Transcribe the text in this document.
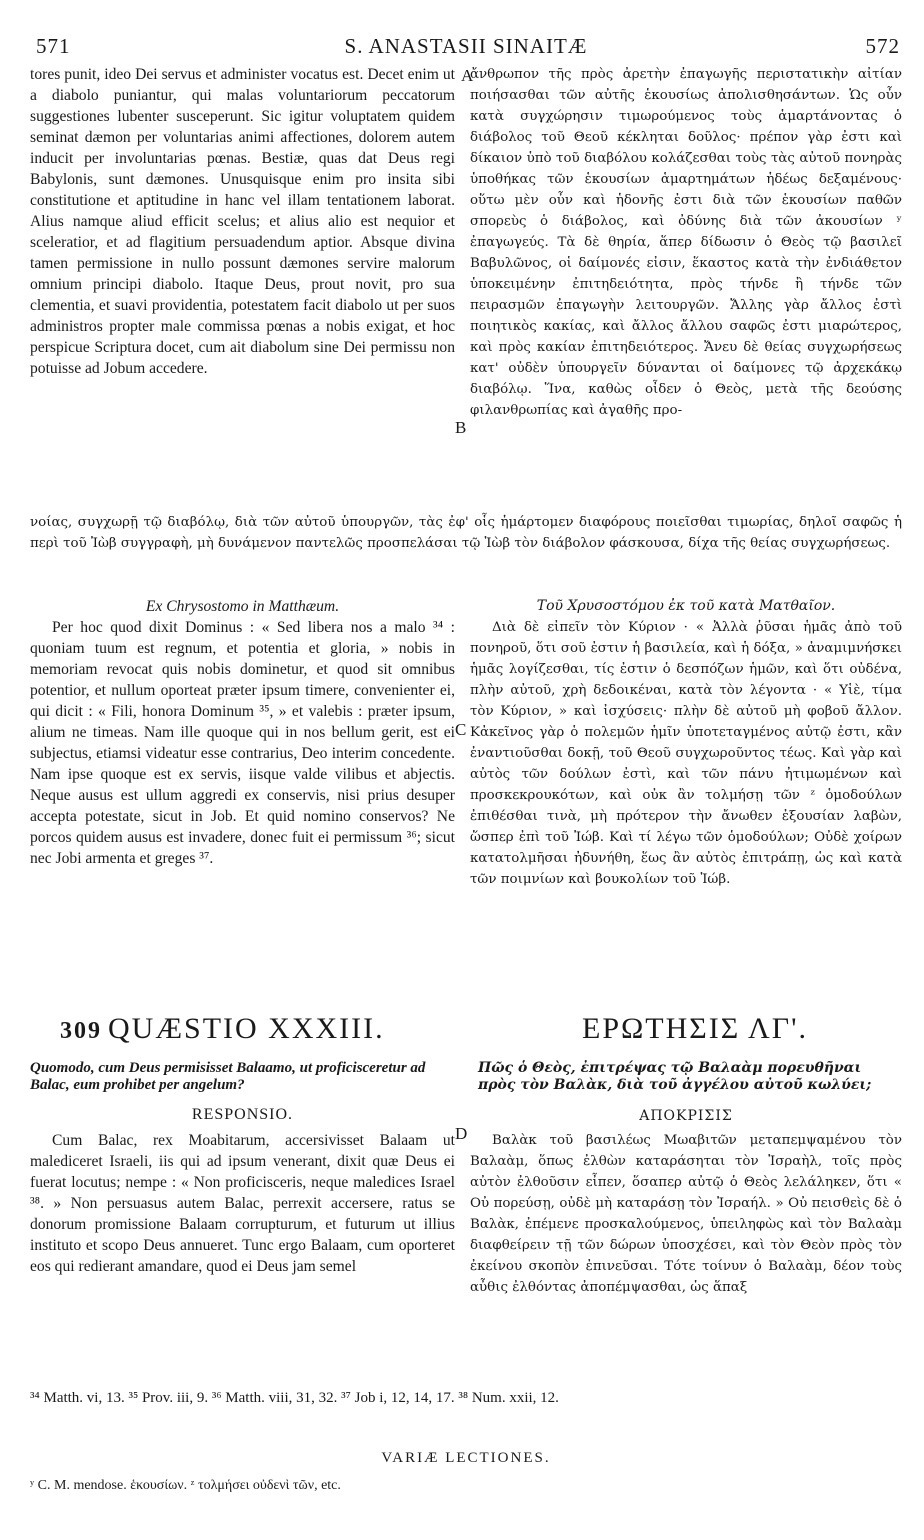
571	S. ANASTASII SINAITÆ	572

tores punit, ideo Dei servus et administer vocatus est. Decet enim ut a diabolo puniantur, qui malas voluntariorum peccatorum suggestiones lubenter susceperunt. Sic igitur voluptatem quidem seminat dæmon per voluntarias animi affectiones, dolorem autem inducit per involuntarias pœnas. Bestiæ, quas dat Deus regi Babylonis, sunt dæmones. Unusquisque enim pro insita sibi constitutione et aptitudine in hanc vel illam tentationem laborat. Alius namque aliud efficit scelus; et alius alio est nequior et sceleratior, et ad flagitium persuadendum aptior. Absque divina tamen permissione in nullo possunt dæmones servire malorum omnium principi diabolo. Itaque Deus, prout novit, pro sua clementia, et suavi providentia, potestatem facit diabolo ut per suos administros propter male commissa pœnas a nobis exigat, et hoc perspicue Scriptura docet, cum ait diabolum sine Dei permissu non potuisse ad Jobum accedere.

A

ἄνθρωπον τῆς πρὸς ἀρετὴν ἐπαγωγῆς περιστατικὴν αἰτίαν ποιήσασθαι τῶν αὐτῆς ἑκουσίως ἀπολισθησάντων. Ὡς οὖν κατὰ συγχώρησιν τιμωρούμενος τοὺς ἁμαρτάνοντας ὁ διάβολος τοῦ Θεοῦ κέκληται δοῦλος· πρέπον γὰρ ἐστι καὶ δίκαιον ὑπὸ τοῦ διαβόλου κολάζεσθαι τοὺς τὰς αὐτοῦ πονηρὰς ὑποθήκας τῶν ἑκουσίων ἁμαρτημάτων ἡδέως δεξαμένους· οὕτω μὲν οὖν καὶ ἡδονῆς ἐστι διὰ τῶν ἑκουσίων παθῶν σπορεὺς ὁ διάβολος, καὶ ὀδύνης διὰ τῶν ἀκουσίων ʸ ἐπαγωγεύς. Τὰ δὲ θηρία, ἅπερ δίδωσιν ὁ Θεὸς τῷ βασιλεῖ Βαβυλῶνος, οἱ δαίμονές εἰσιν, ἕκαστος κατὰ τὴν ἐνδιάθετον ὑποκειμένην ἐπιτηδειότητα, πρὸς τήνδε ἢ τήνδε τῶν πειρασμῶν ἐπαγωγὴν λειτουργῶν. Ἄλλης γὰρ ἄλλος ἐστὶ ποιητικὸς κακίας, καὶ ἄλλος ἄλλου σαφῶς ἐστι μιαρώτερος, καὶ πρὸς κακίαν ἐπιτηδειότερος. Ἄνευ δὲ θείας συγχωρήσεως κατ' οὐδὲν ὑπουργεῖν δύνανται οἱ δαίμονες τῷ ἀρχεκάκῳ διαβόλῳ. Ἵνα, καθὼς οἶδεν ὁ Θεὸς, μετὰ τῆς δεούσης φιλανθρωπίας καὶ ἀγαθῆς προ-

B

νοίας, συγχωρῇ τῷ διαβόλῳ, διὰ τῶν αὐτοῦ ὑπουργῶν, τὰς ἐφ' οἷς ἡμάρτομεν διαφόρους ποιεῖσθαι τιμωρίας, δηλοῖ σαφῶς ἡ περὶ τοῦ Ἰὼβ συγγραφὴ, μὴ δυνάμενον παντελῶς προσπελάσαι τῷ Ἰὼβ τὸν διάβολον φάσκουσα, δίχα τῆς θείας συγχωρήσεως.

Ex Chrysostomo in Matthæum.

Per hoc quod dixit Dominus : « Sed libera nos a malo ³⁴ : quoniam tuum est regnum, et potentia et gloria, » nobis in memoriam revocat quis nobis dominetur, et quod sit omnibus potentior, et nullum oporteat præter ipsum timere, convenienter ei, qui dicit : « Fili, honora Dominum ³⁵, » et valebis : præter ipsum, alium ne timeas. Nam ille quoque qui in nos bellum gerit, est ei subjectus, etiamsi videatur esse contrarius, Deo interim concedente. Nam ipse quoque est ex servis, iisque valde vilibus et abjectis. Neque ausus est ullum aggredi ex conservis, nisi prius desuper accepta potestate, sicut in Job. Et quid nomino conservos? Ne porcos quidem ausus est invadere, donec fuit ei permissum ³⁶; sicut nec Jobi armenta et greges ³⁷.

C

Τοῦ Χρυσοστόμου ἐκ τοῦ κατὰ Ματθαῖον.

Διὰ δὲ εἰπεῖν τὸν Κύριον · « Ἀλλὰ ῥῦσαι ἡμᾶς ἀπὸ τοῦ πονηροῦ, ὅτι σοῦ ἐστιν ἡ βασιλεία, καὶ ἡ δόξα, » ἀναμιμνήσκει ἡμᾶς λογίζεσθαι, τίς ἐστιν ὁ δεσπόζων ἡμῶν, καὶ ὅτι οὐδένα, πλὴν αὐτοῦ, χρὴ δεδοικέναι, κατὰ τὸν λέγοντα · « Υἱὲ, τίμα τὸν Κύριον, » καὶ ἰσχύσεις· πλὴν δὲ αὐτοῦ μὴ φοβοῦ ἄλλον. Κἀκεῖνος γὰρ ὁ πολεμῶν ἡμῖν ὑποτεταγμένος αὐτῷ ἐστι, κἂν ἐναντιοῦσθαι δοκῇ, τοῦ Θεοῦ συγχωροῦντος τέως. Καὶ γὰρ καὶ αὐτὸς τῶν δούλων ἐστὶ, καὶ τῶν πάνυ ἠτιμωμένων καὶ προσκεκρουκότων, καὶ οὐκ ἂν τολμήσῃ τῶν ᶻ ὁμοδούλων ἐπιθέσθαι τινὰ, μὴ πρότερον τὴν ἄνωθεν ἐξουσίαν λαβὼν, ὥσπερ ἐπὶ τοῦ Ἰώβ. Καὶ τί λέγω τῶν ὁμοδούλων; Οὐδὲ χοίρων κατατολμῆσαι ἠδυνήθη, ἕως ἂν αὐτὸς ἐπιτράπῃ, ὡς καὶ κατὰ τῶν ποιμνίων καὶ βουκολίων τοῦ Ἰώβ.

309 QUÆSTIO XXXIII.	ΕΡΩΤΗΣΙΣ ΛΓ'.
Quomodo, cum Deus permisisset Balaamo, ut proficisceretur ad Balac, eum prohibet per angelum?
Πῶς ὁ Θεὸς, ἐπιτρέψας τῷ Βαλαὰμ πορευθῆναι πρὸς τὸν Βαλὰκ, διὰ τοῦ ἀγγέλου αὐτοῦ κωλύει;
RESPONSIO.	ΑΠΟΚΡΙΣΙΣ

Cum Balac, rex Moabitarum, accersivisset Balaam ut malediceret Israeli, iis qui ad ipsum venerant, dixit quæ Deus ei fuerat locutus; nempe : « Non proficisceris, neque maledices Israel ³⁸. » Non persuasus autem Balac, perrexit accersere, ratus se donorum promissione Balaam corrupturum, et futurum ut illius instituto et scopo Deus annueret. Tunc ergo Balaam, cum oporteret eos qui redierant amandare, quod ei Deus jam semel

D	Βαλὰκ τοῦ βασιλέως Μωαβιτῶν μεταπεμψαμένου τὸν Βαλαὰμ, ὅπως ἐλθὼν καταράσηται τὸν Ἰσραὴλ, τοῖς πρὸς αὐτὸν ἐλθοῦσιν εἶπεν, ὅσαπερ αὐτῷ ὁ Θεὸς λελάληκεν, ὅτι « Οὐ πορεύσῃ, οὐδὲ μὴ καταράσῃ τὸν Ἰσραήλ. » Οὐ πεισθεὶς δὲ ὁ Βαλὰκ, ἐπέμενε προσκαλούμενος, ὑπειληφὼς καὶ τὸν Βαλαὰμ διαφθείρειν τῇ τῶν δώρων ὑποσχέσει, καὶ τὸν Θεὸν πρὸς τὸν ἐκείνου σκοπὸν ἐπινεῦσαι. Τότε τοίνυν ὁ Βαλαὰμ, δέον τοὺς αὖθις ἐλθόντας ἀποπέμψασθαι, ὡς ἅπαξ

³⁴ Matth. vi, 13. ³⁵ Prov. iii, 9. ³⁶ Matth. viii, 31, 32. ³⁷ Job i, 12, 14, 17. ³⁸ Num. xxii, 12.
VARIÆ LECTIONES.
ʸ C. M. mendose. ἑκουσίων. ᶻ τολμήσει οὐδενὶ τῶν, etc.
